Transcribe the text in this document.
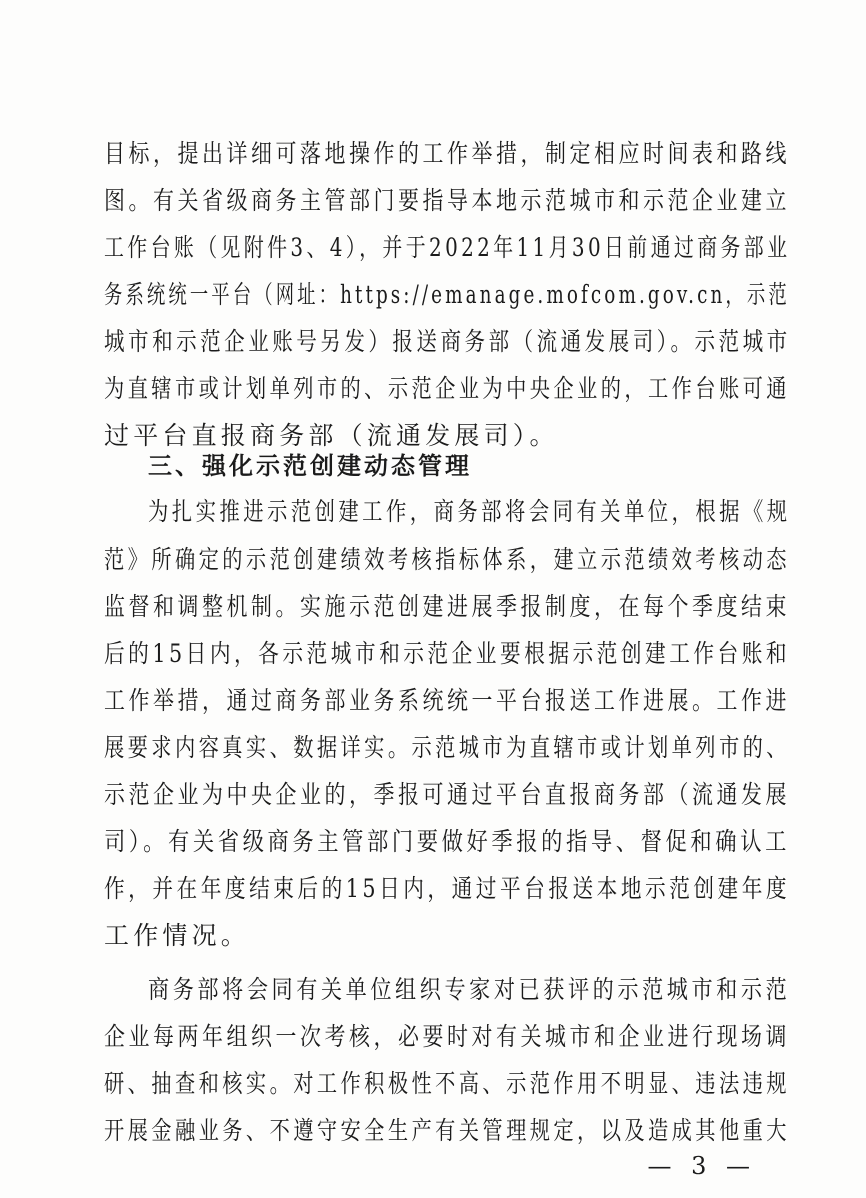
目标，提出详细可落地操作的工作举措，制定相应时间表和路线
图。有关省级商务主管部门要指导本地示范城市和示范企业建立
工作台账（见附件3、4），并于2022年11月30日前通过商务部业
务系统统一平台（网址：https://emanage.mofcom.gov.cn，示范
城市和示范企业账号另发）报送商务部（流通发展司）。示范城市
为直辖市或计划单列市的、示范企业为中央企业的，工作台账可通
过平台直报商务部（流通发展司）。
三、强化示范创建动态管理
为扎实推进示范创建工作，商务部将会同有关单位，根据《规
范》所确定的示范创建绩效考核指标体系，建立示范绩效考核动态
监督和调整机制。实施示范创建进展季报制度，在每个季度结束
后的15日内，各示范城市和示范企业要根据示范创建工作台账和
工作举措，通过商务部业务系统统一平台报送工作进展。工作进
展要求内容真实、数据详实。示范城市为直辖市或计划单列市的、
示范企业为中央企业的，季报可通过平台直报商务部（流通发展
司）。有关省级商务主管部门要做好季报的指导、督促和确认工
作，并在年度结束后的15日内，通过平台报送本地示范创建年度
工作情况。
商务部将会同有关单位组织专家对已获评的示范城市和示范
企业每两年组织一次考核，必要时对有关城市和企业进行现场调
研、抽查和核实。对工作积极性不高、示范作用不明显、违法违规
开展金融业务、不遵守安全生产有关管理规定，以及造成其他重大
— 3 —
